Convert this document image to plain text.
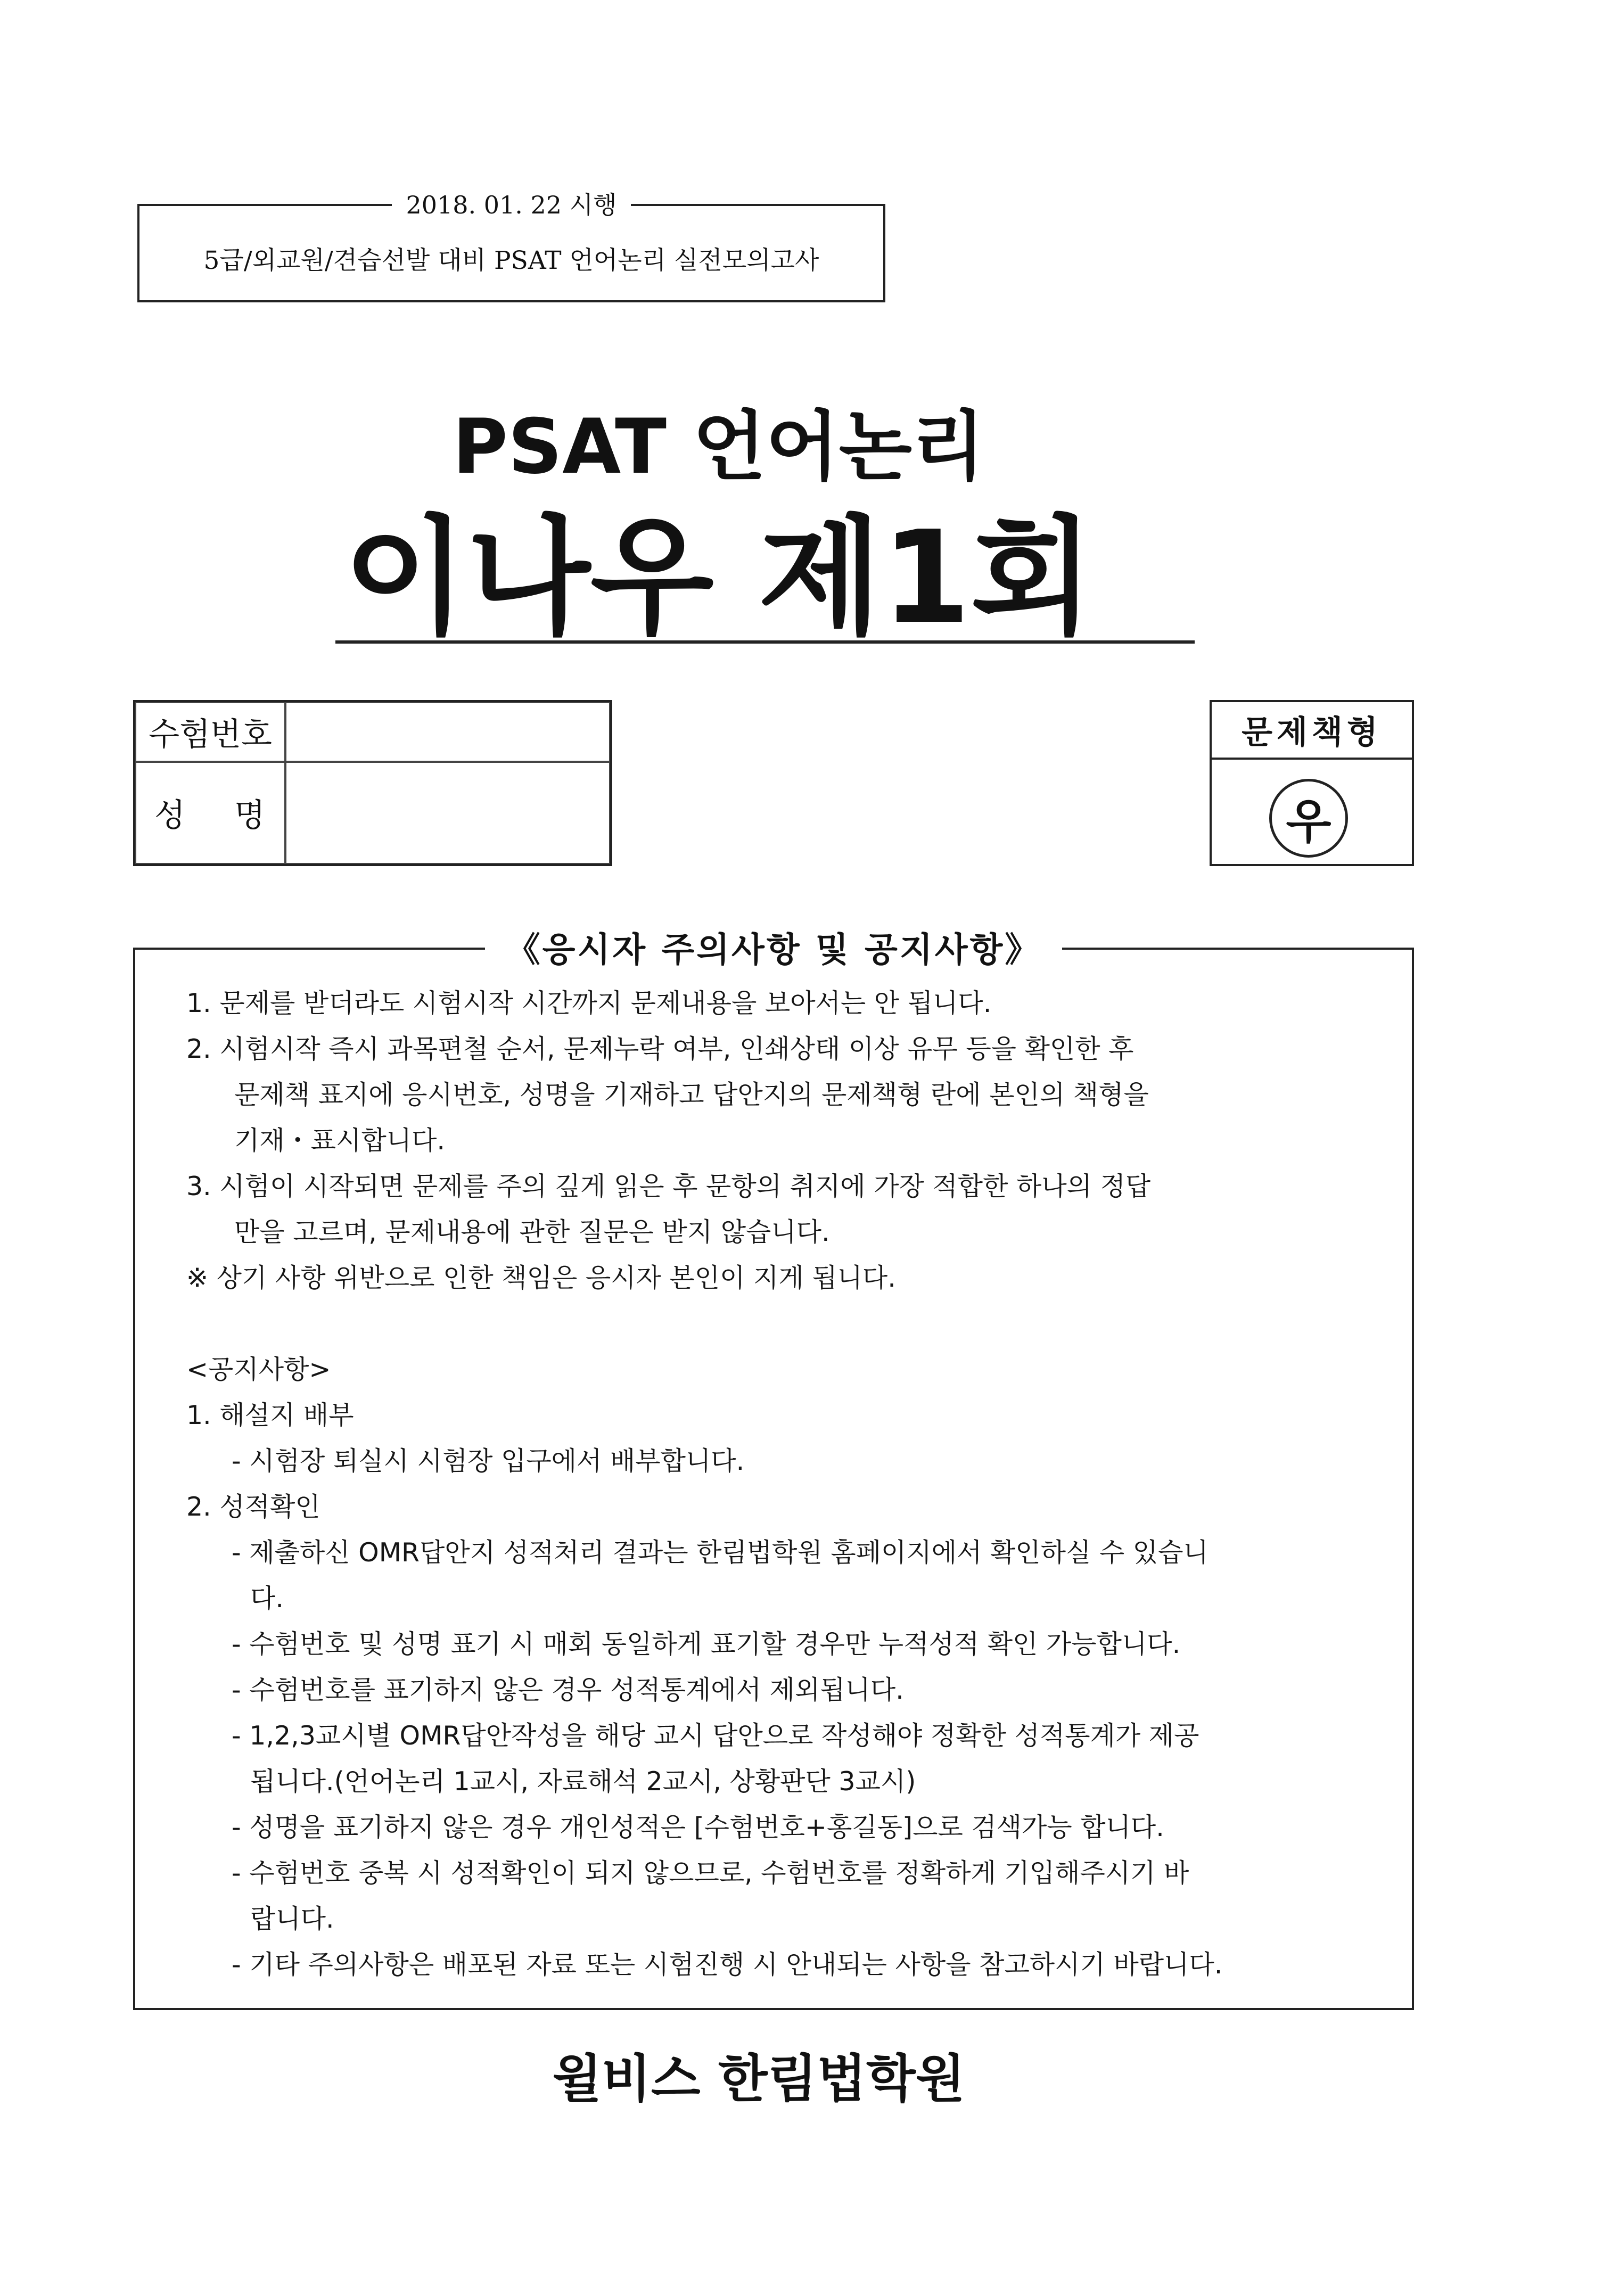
2018. 01. 22 시행
5급/외교원/견습선발 대비 PSAT 언어논리 실전모의고사
PSAT 언어논리
이나우 제1회
수험번호
성 명
문제책형
우
《응시자 주의사항 및 공지사항》
1. 문제를 받더라도 시험시작 시간까지 문제내용을 보아서는 안 됩니다.
2. 시험시작 즉시 과목편철 순서, 문제누락 여부, 인쇄상태 이상 유무 등을 확인한 후
문제책 표지에 응시번호, 성명을 기재하고 답안지의 문제책형 란에 본인의 책형을
기재・표시합니다.
3. 시험이 시작되면 문제를 주의 깊게 읽은 후 문항의 취지에 가장 적합한 하나의 정답
만을 고르며, 문제내용에 관한 질문은 받지 않습니다.
※ 상기 사항 위반으로 인한 책임은 응시자 본인이 지게 됩니다.
<공지사항>
1. 해설지 배부
- 시험장 퇴실시 시험장 입구에서 배부합니다.
2. 성적확인
- 제출하신 OMR답안지 성적처리 결과는 한림법학원 홈페이지에서 확인하실 수 있습니
다.
- 수험번호 및 성명 표기 시 매회 동일하게 표기할 경우만 누적성적 확인 가능합니다.
- 수험번호를 표기하지 않은 경우 성적통계에서 제외됩니다.
- 1,2,3교시별 OMR답안작성을 해당 교시 답안으로 작성해야 정확한 성적통계가 제공
됩니다.(언어논리 1교시, 자료해석 2교시, 상황판단 3교시)
- 성명을 표기하지 않은 경우 개인성적은 [수험번호+홍길동]으로 검색가능 합니다.
- 수험번호 중복 시 성적확인이 되지 않으므로, 수험번호를 정확하게 기입해주시기 바
랍니다.
- 기타 주의사항은 배포된 자료 또는 시험진행 시 안내되는 사항을 참고하시기 바랍니다.
윌비스 한림법학원
